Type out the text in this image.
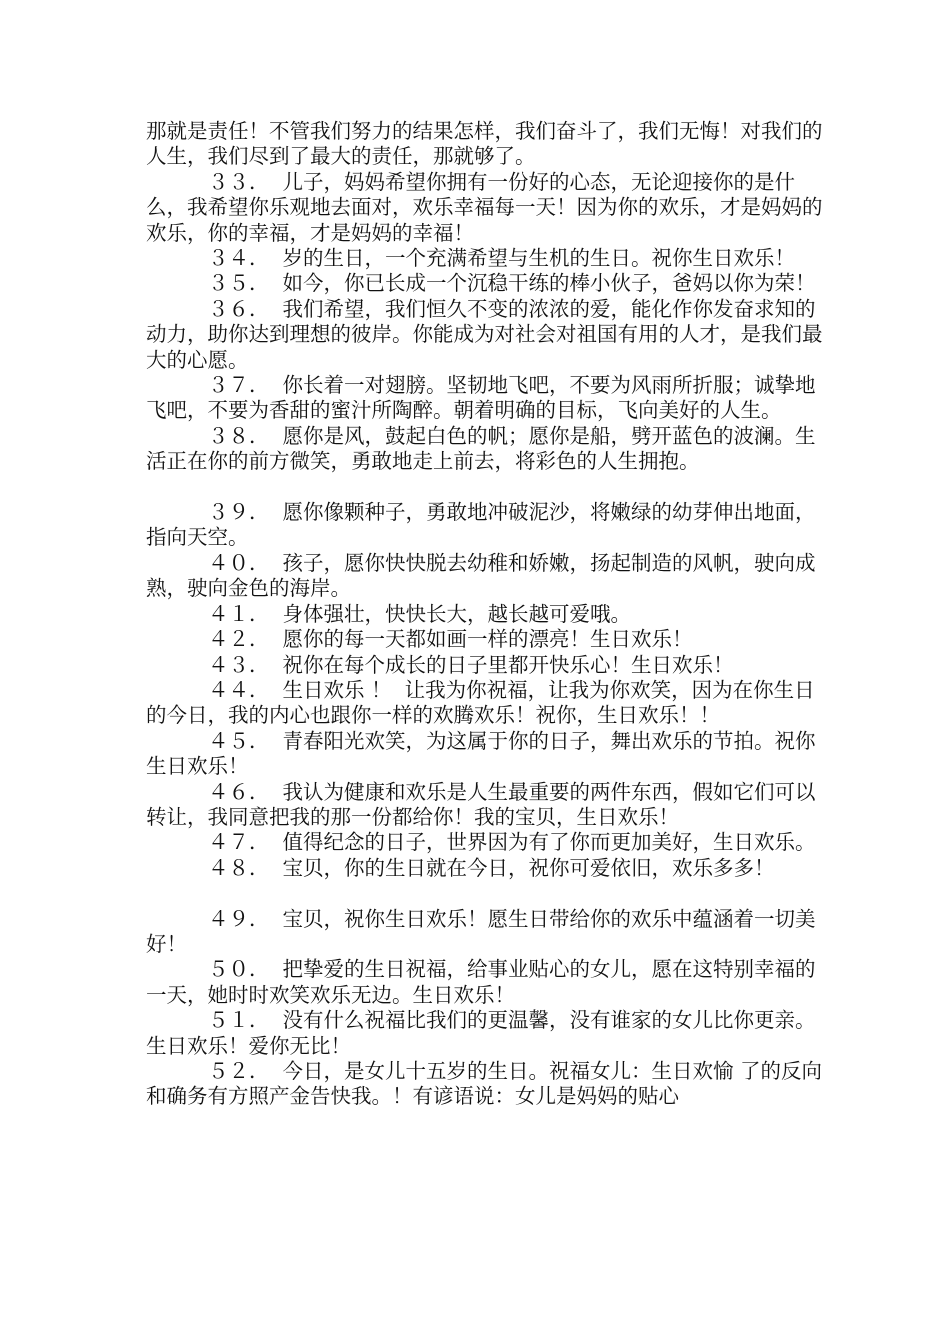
那就是责任！不管我们努力的结果怎样，我们奋斗了，我们无悔！对我们的人生，我们尽到了最大的责任，那就够了。

３３．  儿子，妈妈希望你拥有一份好的心态，无论迎接你的是什么，我希望你乐观地去面对，欢乐幸福每一天！因为你的欢乐，才是妈妈的欢乐，你的幸福，才是妈妈的幸福！

３４．  岁的生日，一个充满希望与生机的生日。祝你生日欢乐！

３５．  如今，你已长成一个沉稳干练的棒小伙子，爸妈以你为荣！

３６．  我们希望，我们恒久不变的浓浓的爱，能化作你发奋求知的动力，助你达到理想的彼岸。你能成为对社会对祖国有用的人才，是我们最大的心愿。

３７．  你长着一对翅膀。坚韧地飞吧，不要为风雨所折服；诚挚地飞吧，不要为香甜的蜜汁所陶醉。朝着明确的目标，飞向美好的人生。

３８．  愿你是风，鼓起白色的帆；愿你是船，劈开蓝色的波澜。生活正在你的前方微笑，勇敢地走上前去，将彩色的人生拥抱。

３９．  愿你像颗种子，勇敢地冲破泥沙，将嫩绿的幼芽伸出地面，指向天空。

４０．  孩子，愿你快快脱去幼稚和娇嫩，扬起制造的风帆，驶向成熟，驶向金色的海岸。

４１．  身体强壮，快快长大，越长越可爱哦。

４２．  愿你的每一天都如画一样的漂亮！生日欢乐！

４３．  祝你在每个成长的日子里都开快乐心！生日欢乐！

４４．  生日欢乐 ！  让我为你祝福，让我为你欢笑，因为在你生日的今日，我的内心也跟你一样的欢腾欢乐！祝你，生日欢乐！！

４５．  青春阳光欢笑，为这属于你的日子，舞出欢乐的节拍。祝你生日欢乐！

４６．  我认为健康和欢乐是人生最重要的两件东西，假如它们可以转让，我同意把我的那一份都给你！我的宝贝，生日欢乐！

４７．  值得纪念的日子，世界因为有了你而更加美好，生日欢乐。

４８．  宝贝，你的生日就在今日，祝你可爱依旧，欢乐多多！

４９．  宝贝，祝你生日欢乐！愿生日带给你的欢乐中蕴涵着一切美好！

５０．  把挚爱的生日祝福，给事业贴心的女儿，愿在这特别幸福的一天，她时时欢笑欢乐无边。生日欢乐！

５１．  没有什么祝福比我们的更温馨，没有谁家的女儿比你更亲。生日欢乐！爱你无比！

５２．  今日，是女儿十五岁的生日。祝福女儿：生日欢愉 了的反向和确务有方照产金告快我。！有谚语说：女儿是妈妈的贴心
